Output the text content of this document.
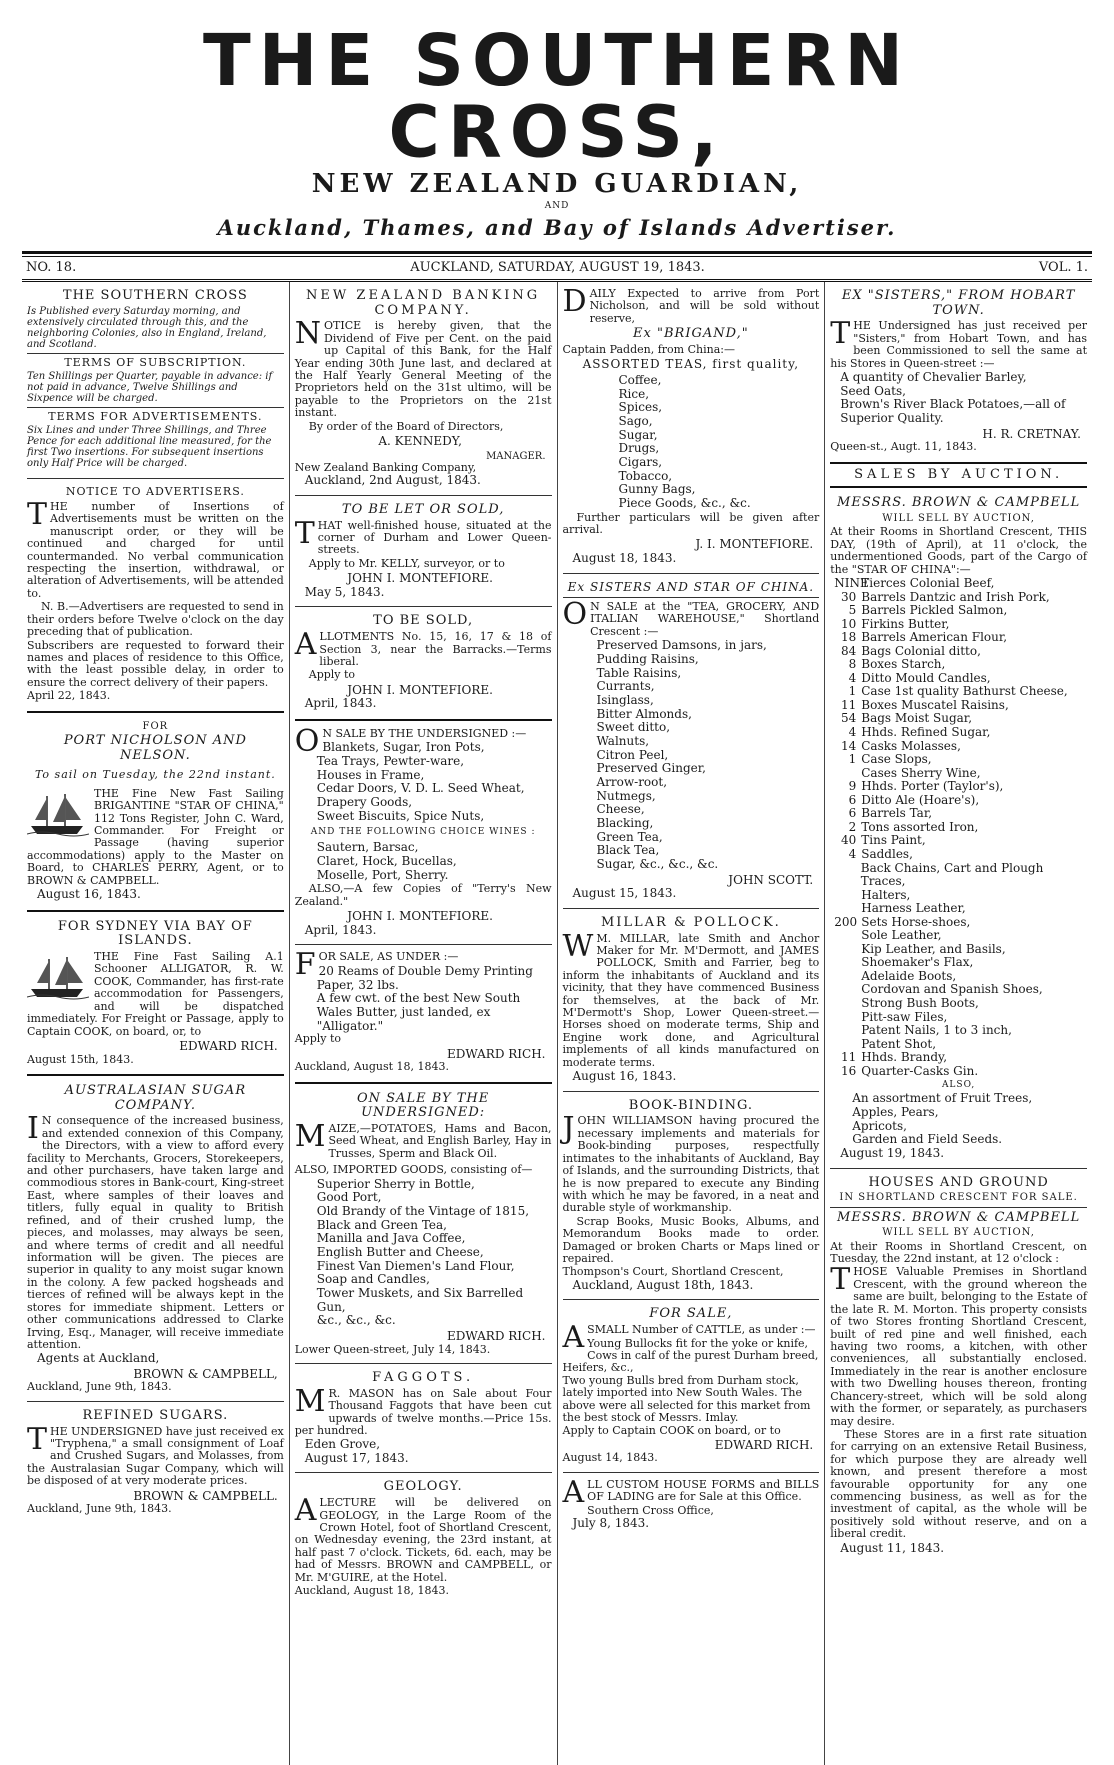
THE SOUTHERN CROSS,
NEW ZEALAND GUARDIAN,
AND
Auckland, Thames, and Bay of Islands Advertiser.
NO. 18.	AUCKLAND, SATURDAY, AUGUST 19, 1843.	VOL. 1.
THE SOUTHERN CROSS
Is Published every Saturday morning, and extensively circulated through this, and the neighboring Colonies, also in England, Ireland, and Scotland.
TERMS OF SUBSCRIPTION.
Ten Shillings per Quarter, payable in advance: if not paid in advance, Twelve Shillings and Sixpence will be charged.
TERMS FOR ADVERTISEMENTS.
Six Lines and under Three Shillings, and Three Pence for each additional line measured, for the first Two insertions. For subsequent insertions only Half Price will be charged.
NOTICE TO ADVERTISERS.

THE number of Insertions of Advertisements must be written on the manuscript order, or they will be continued and charged for until countermanded. No verbal communication respecting the insertion, withdrawal, or alteration of Advertisements, will be attended to.

N. B.—Advertisers are requested to send in their orders before Twelve o'clock on the day preceding that of publication.

Subscribers are requested to forward their names and places of residence to this Office, with the least possible delay, in order to ensure the correct delivery of their papers.

April 22, 1843.
FOR
PORT NICHOLSON AND NELSON.
To sail on Tuesday, the 22nd instant.

THE Fine New Fast Sailing BRIGANTINE "STAR OF CHINA," 112 Tons Register, John C. Ward, Commander. For Freight or Passage (having superior accommodations) apply to the Master on Board, to CHARLES PERRY, Agent, or to BROWN & CAMPBELL.

August 16, 1843.
FOR SYDNEY VIA BAY OF ISLANDS.

THE Fine Fast Sailing A.1 Schooner ALLIGATOR, R. W. COOK, Commander, has first-rate accommodation for Passengers, and will be dispatched immediately. For Freight or Passage, apply to Captain COOK, on board, or, to

EDWARD RICH.
August 15th, 1843.
AUSTRALASIAN SUGAR COMPANY.

IN consequence of the increased business, and extended connexion of this Company, the Directors, with a view to afford every facility to Merchants, Grocers, Storekeepers, and other purchasers, have taken large and commodious stores in Bank-court, King-street East, where samples of their loaves and titlers, fully equal in quality to British refined, and of their crushed lump, the pieces, and molasses, may always be seen, and where terms of credit and all needful information will be given. The pieces are superior in quality to any moist sugar known in the colony. A few packed hogsheads and tierces of refined will be always kept in the stores for immediate shipment. Letters or other communications addressed to Clarke Irving, Esq., Manager, will receive immediate attention.

Agents at Auckland,
BROWN & CAMPBELL,
Auckland, June 9th, 1843.
REFINED SUGARS.

THE UNDERSIGNED have just received ex "Tryphena," a small consignment of Loaf and Crushed Sugars, and Molasses, from the Australasian Sugar Company, which will be disposed of at very moderate prices.

BROWN & CAMPBELL.
Auckland, June 9th, 1843.
NEW ZEALAND BANKING COMPANY.

NOTICE is hereby given, that the Dividend of Five per Cent. on the paid up Capital of this Bank, for the Half Year ending 30th June last, and declared at the Half Yearly General Meeting of the Proprietors held on the 31st ultimo, will be payable to the Proprietors on the 21st instant.

By order of the Board of Directors,

A. KENNEDY,
MANAGER.
New Zealand Banking Company,
Auckland, 2nd August, 1843.
TO BE LET OR SOLD,

THAT well-finished house, situated at the corner of Durham and Lower Queen-streets.

Apply to Mr. KELLY, surveyor, or to

JOHN I. MONTEFIORE.
May 5, 1843.
TO BE SOLD,

ALLOTMENTS No. 15, 16, 17 & 18 of Section 3, near the Barracks.—Terms liberal.

Apply to

JOHN I. MONTEFIORE.
April, 1843.

ON SALE BY THE UNDERSIGNED :—

Blankets, Sugar, Iron Pots,
Tea Trays, Pewter-ware,
Houses in Frame,
Cedar Doors, V. D. L. Seed Wheat,
Drapery Goods,
Sweet Biscuits, Spice Nuts,
AND THE FOLLOWING CHOICE WINES :
Sautern, Barsac,
Claret, Hock, Bucellas,
Moselle, Port, Sherry.

ALSO,—A few Copies of "Terry's New Zealand."

JOHN I. MONTEFIORE.
April, 1843.

FOR SALE, AS UNDER :—

20 Reams of Double Demy Printing Paper, 32 lbs.
A few cwt. of the best New South Wales Butter, just landed, ex "Alligator."
Apply to
EDWARD RICH.
Auckland, August 18, 1843.
ON SALE BY THE UNDERSIGNED:

MAIZE,—POTATOES, Hams and Bacon, Seed Wheat, and English Barley, Hay in Trusses, Sperm and Black Oil.

ALSO, IMPORTED GOODS, consisting of—

Superior Sherry in Bottle,
Good Port,
Old Brandy of the Vintage of 1815,
Black and Green Tea,
Manilla and Java Coffee,
English Butter and Cheese,
Finest Van Diemen's Land Flour,
Soap and Candles,
Tower Muskets, and Six Barrelled Gun,
&c., &c., &c.
EDWARD RICH.
Lower Queen-street, July 14, 1843.
FAGGOTS.

MR. MASON has on Sale about Four Thousand Faggots that have been cut upwards of twelve months.—Price 15s. per hundred.

Eden Grove,
August 17, 1843.
GEOLOGY.

ALECTURE will be delivered on GEOLOGY, in the Large Room of the Crown Hotel, foot of Shortland Crescent, on Wednesday evening, the 23rd instant, at half past 7 o'clock. Tickets, 6d. each, may be had of Messrs. BROWN and CAMPBELL, or Mr. M'GUIRE, at the Hotel.

Auckland, August 18, 1843.

DAILY Expected to arrive from Port Nicholson, and will be sold without reserve,

Ex "BRIGAND,"
Captain Padden, from China:—
ASSORTED TEAS, first quality,
Coffee,
Rice,
Spices,
Sago,
Sugar,
Drugs,
Cigars,
Tobacco,
Gunny Bags,
Piece Goods, &c., &c.

Further particulars will be given after arrival.

J. I. MONTEFIORE.
August 18, 1843.
Ex SISTERS AND STAR OF CHINA.

ON SALE at the "TEA, GROCERY, AND ITALIAN WAREHOUSE," Shortland Crescent :—

Preserved Damsons, in jars,
Pudding Raisins,
Table Raisins,
Currants,
Isinglass,
Bitter Almonds,
Sweet ditto,
Walnuts,
Citron Peel,
Preserved Ginger,
Arrow-root,
Nutmegs,
Cheese,
Blacking,
Green Tea,
Black Tea,
Sugar, &c., &c., &c.
JOHN SCOTT.
August 15, 1843.
MILLAR & POLLOCK.

WM. MILLAR, late Smith and Anchor Maker for Mr. M'Dermott, and JAMES POLLOCK, Smith and Farrier, beg to inform the inhabitants of Auckland and its vicinity, that they have commenced Business for themselves, at the back of Mr. M'Dermott's Shop, Lower Queen-street.—Horses shoed on moderate terms, Ship and Engine work done, and Agricultural implements of all kinds manufactured on moderate terms.

August 16, 1843.
BOOK-BINDING.

JOHN WILLIAMSON having procured the necessary implements and materials for Book-binding purposes, respectfully intimates to the inhabitants of Auckland, Bay of Islands, and the surrounding Districts, that he is now prepared to execute any Binding with which he may be favored, in a neat and durable style of workmanship.

Scrap Books, Music Books, Albums, and Memorandum Books made to order. Damaged or broken Charts or Maps lined or repaired.

Thompson's Court, Shortland Crescent,
Auckland, August 18th, 1843.
FOR SALE,

ASMALL Number of CATTLE, as under :—

Young Bullocks fit for the yoke or knife,
Cows in calf of the purest Durham breed, Heifers, &c.,
Two young Bulls bred from Durham stock, lately imported into New South Wales. The above were all selected for this market from the best stock of Messrs. Imlay.
Apply to Captain COOK on board, or to
EDWARD RICH.
August 14, 1843.

ALL CUSTOM HOUSE FORMS and BILLS OF LADING are for Sale at this Office.

Southern Cross Office,
July 8, 1843.
EX "SISTERS," FROM HOBART TOWN.

THE Undersigned has just received per "Sisters," from Hobart Town, and has been Commissioned to sell the same at his Stores in Queen-street :—

A quantity of Chevalier Barley,
Seed Oats,
Brown's River Black Potatoes,—all of Superior Quality.
H. R. CRETNAY.
Queen-st., Augt. 11, 1843.
SALES BY AUCTION.
MESSRS. BROWN & CAMPBELL
WILL SELL BY AUCTION,

At their Rooms in Shortland Crescent, THIS DAY, (19th of April), at 11 o'clock, the undermentioned Goods, part of the Cargo of the "STAR OF CHINA":—

NINE
Tierces Colonial Beef,
30 Barrels Dantzic and Irish Pork,
5 Barrels Pickled Salmon,
10 Firkins Butter,
18 Barrels American Flour,
84 Bags Colonial ditto,
8 Boxes Starch,
4 Ditto Mould Candles,
1 Case 1st quality Bathurst Cheese,
11 Boxes Muscatel Raisins,
54 Bags Moist Sugar,
4 Hhds. Refined Sugar,
14 Casks Molasses,
1 Case Slops,
Cases Sherry Wine,
9 Hhds. Porter (Taylor's),
6 Ditto Ale (Hoare's),
6 Barrels Tar,
2 Tons assorted Iron,
40 Tins Paint,
4 Saddles,
Back Chains, Cart and Plough Traces,
Halters,
Harness Leather,
200 Sets Horse-shoes,
Sole Leather,
Kip Leather, and Basils,
Shoemaker's Flax,
Adelaide Boots,
Cordovan and Spanish Shoes,
Strong Bush Boots,
Pitt-saw Files,
Patent Nails, 1 to 3 inch,
Patent Shot,
11 Hhds. Brandy,
16 Quarter-Casks Gin.
ALSO,
An assortment of Fruit Trees,
Apples, Pears,
Apricots,
Garden and Field Seeds.
August 19, 1843.
HOUSES AND GROUND
IN SHORTLAND CRESCENT FOR SALE.
MESSRS. BROWN & CAMPBELL
WILL SELL BY AUCTION,

At their Rooms in Shortland Crescent, on Tuesday, the 22nd instant, at 12 o'clock :

THOSE Valuable Premises in Shortland Crescent, with the ground whereon the same are built, belonging to the Estate of the late R. M. Morton. This property consists of two Stores fronting Shortland Crescent, built of red pine and well finished, each having two rooms, a kitchen, with other conveniences, all substantially enclosed. Immediately in the rear is another enclosure with two Dwelling houses thereon, fronting Chancery-street, which will be sold along with the former, or separately, as purchasers may desire.

These Stores are in a first rate situation for carrying on an extensive Retail Business, for which purpose they are already well known, and present therefore a most favourable opportunity for any one commencing business, as well as for the investment of capital, as the whole will be positively sold without reserve, and on a liberal credit.

August 11, 1843.
